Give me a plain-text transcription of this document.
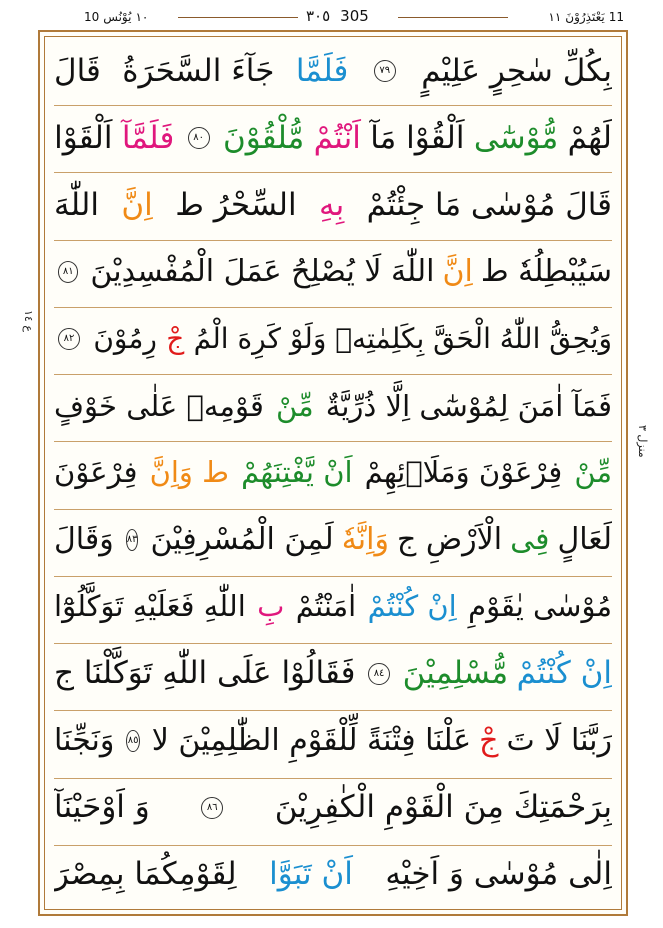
10 یُوْنُس ١٠	٣٠٥ 305	١١ یَعْتَذِرُوْنَ 11
ع ١٤
منزل ٣
بِكُلِّ سٰحِرٍ عَلِيْمٍ
٧٩
فَلَمَّا
جَآءَ السَّحَرَةُ
قَالَ
لَهُمْ
مُّوْسٰٓى
اَلْقُوْا مَآ
اَنْتُمْ
مُّلْقُوْنَ
٨٠
فَلَمَّآ
اَلْقَوْا
قَالَ مُوْسٰى مَا جِئْتُمْ
بِهِ
السِّحْرُ ط
اِنَّ
اللّٰهَ
سَيُبْطِلُهٗ ط
اِنَّ
اللّٰهَ لَا يُصْلِحُ عَمَلَ الْمُفْسِدِيْنَ
٨١
وَيُحِقُّ اللّٰهُ الْحَقَّ بِكَلِمٰتِهٖ وَلَوْ كَرِهَ الْمُ
جْ
رِمُوْنَ
٨٢
فَمَآ اٰمَنَ لِمُوْسٰٓى اِلَّا ذُرِّيَّةٌ
مِّنْ
قَوْمِهٖ عَلٰى خَوْفٍ
مِّنْ
فِرْعَوْنَ وَمَلَا۟ئِهِمْ
اَنْ يَّفْتِنَهُمْ
ط وَاِنَّ
فِرْعَوْنَ
لَعَالٍ
فِى
الْاَرْضِ ج
وَاِنَّهٗ
لَمِنَ الْمُسْرِفِيْنَ
٨٣
وَقَالَ
مُوْسٰى يٰقَوْمِ
اِنْ كُنْتُمْ
اٰمَنْتُمْ
بِ
اللّٰهِ فَعَلَيْهِ تَوَكَّلُوْٓا
اِنْ كُنْتُمْ
مُّسْلِمِيْنَ
٨٤
فَقَالُوْا عَلَى اللّٰهِ تَوَكَّلْنَا ج
رَبَّنَا لَا تَ
جْ
عَلْنَا فِتْنَةً لِّلْقَوْمِ الظّٰلِمِيْنَ لا
٨٥
وَنَجِّنَا
بِرَحْمَتِكَ مِنَ الْقَوْمِ الْكٰفِرِيْنَ
٨٦
وَ اَوْحَيْنَآ
اِلٰى مُوْسٰى وَ اَخِيْهِ
اَنْ تَبَوَّا
لِقَوْمِكُمَا بِمِصْرَ
